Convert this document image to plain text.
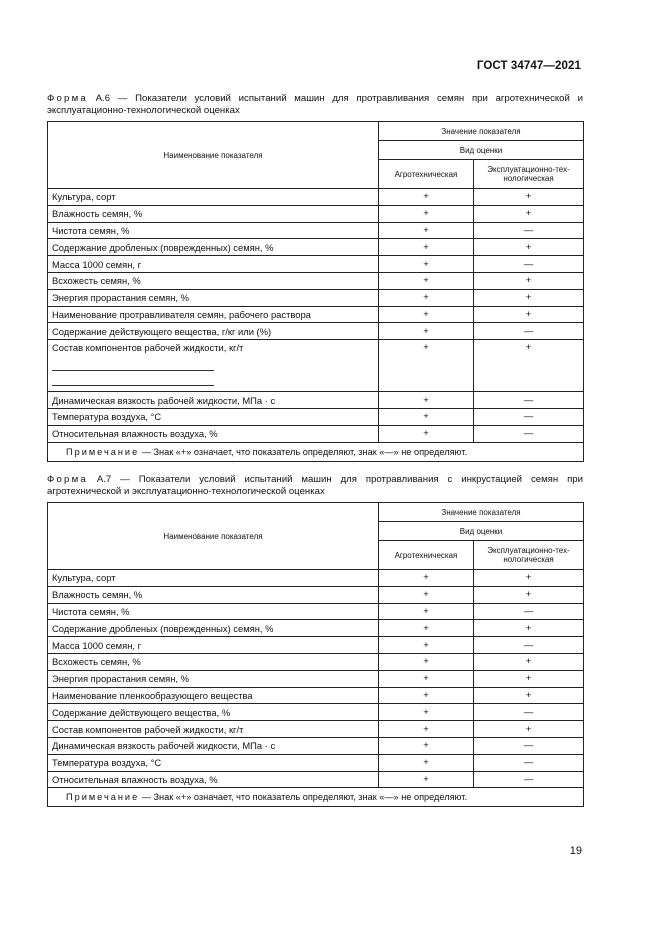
ГОСТ 34747—2021
Форма А.6 — Показатели условий испытаний машин для протравливания семян при агротехнической и эксплуатационно-технологической оценках
Наименование показателя	Значение показателя	
	Вид оценки	
	Агротехническая	Эксплуатационно-тех-
нологическая

Культура, сорт	+	+
Влажность семян, %	+	+
Чистота семян, %	+	—
Содержание дробленых (поврежденных) семян, %	+	+
Масса 1000 семян, г	+	—
Всхожесть семян, %	+	+
Энергия прорастания семян, %	+	+
Наименование протравливателя семян, рабочего раствора	+	+
Содержание действующего вещества, г/кг или (%)	+	—

Состав компонентов рабочей жидкости, кг/т	+	+
Динамическая вязкость рабочей жидкости, МПа · с	+	—
Температура воздуха, °С	+	—
Относительная влажность воздуха, %	+	—
Примечание — Знак «+» означает, что показатель определяют, знак «—» не определяют.		
Форма А.7 — Показатели условий испытаний машин для протравливания с инкрустацией семян при агротехнической и эксплуатационно-технологической оценках
Наименование показателя	Значение показателя	
	Вид оценки	
	Агротехническая	Эксплуатационно-тех-
нологическая

Культура, сорт	+	+
Влажность семян, %	+	+
Чистота семян, %	+	—
Содержание дробленых (поврежденных) семян, %	+	+
Масса 1000 семян, г	+	—
Всхожесть семян, %	+	+
Энергия прорастания семян, %	+	+
Наименование пленкообразующего вещества	+	+
Содержание действующего вещества, %	+	—
Состав компонентов рабочей жидкости, кг/т	+	+
Динамическая вязкость рабочей жидкости, МПа · с	+	—
Температура воздуха, °С	+	—
Относительная влажность воздуха, %	+	—
Примечание — Знак «+» означает, что показатель определяют, знак «—» не определяют.		
19
